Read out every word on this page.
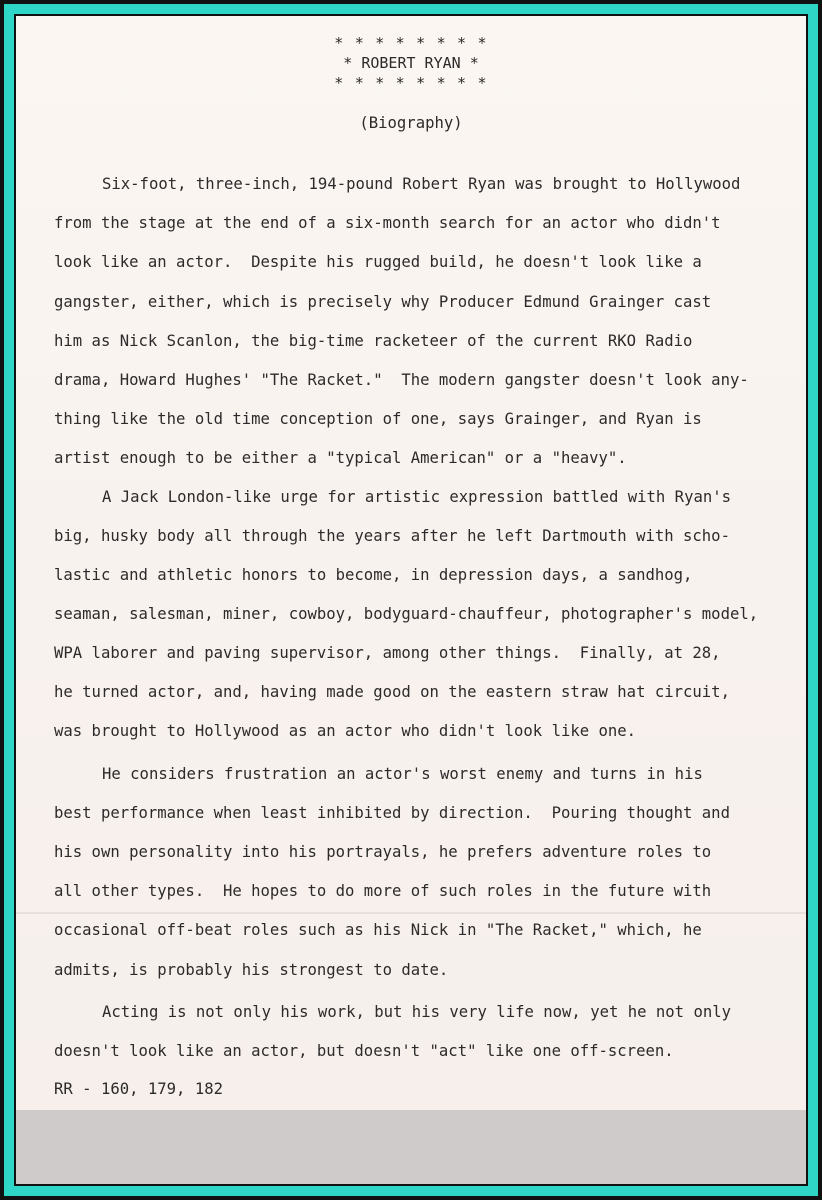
* * * * * * * *
* ROBERT RYAN *
* * * * * * * *
(Biography)
Six-foot, three-inch, 194-pound Robert Ryan was brought to Hollywood
from the stage at the end of a six-month search for an actor who didn't
look like an actor.  Despite his rugged build, he doesn't look like a
gangster, either, which is precisely why Producer Edmund Grainger cast
him as Nick Scanlon, the big-time racketeer of the current RKO Radio
drama, Howard Hughes' "The Racket."  The modern gangster doesn't look any-
thing like the old time conception of one, says Grainger, and Ryan is
artist enough to be either a "typical American" or a "heavy".
A Jack London-like urge for artistic expression battled with Ryan's
big, husky body all through the years after he left Dartmouth with scho-
lastic and athletic honors to become, in depression days, a sandhog,
seaman, salesman, miner, cowboy, bodyguard-chauffeur, photographer's model,
WPA laborer and paving supervisor, among other things.  Finally, at 28,
he turned actor, and, having made good on the eastern straw hat circuit,
was brought to Hollywood as an actor who didn't look like one.
He considers frustration an actor's worst enemy and turns in his
best performance when least inhibited by direction.  Pouring thought and
his own personality into his portrayals, he prefers adventure roles to
all other types.  He hopes to do more of such roles in the future with
occasional off-beat roles such as his Nick in "The Racket," which, he
admits, is probably his strongest to date.
Acting is not only his work, but his very life now, yet he not only
doesn't look like an actor, but doesn't "act" like one off-screen.
RR - 160, 179, 182
